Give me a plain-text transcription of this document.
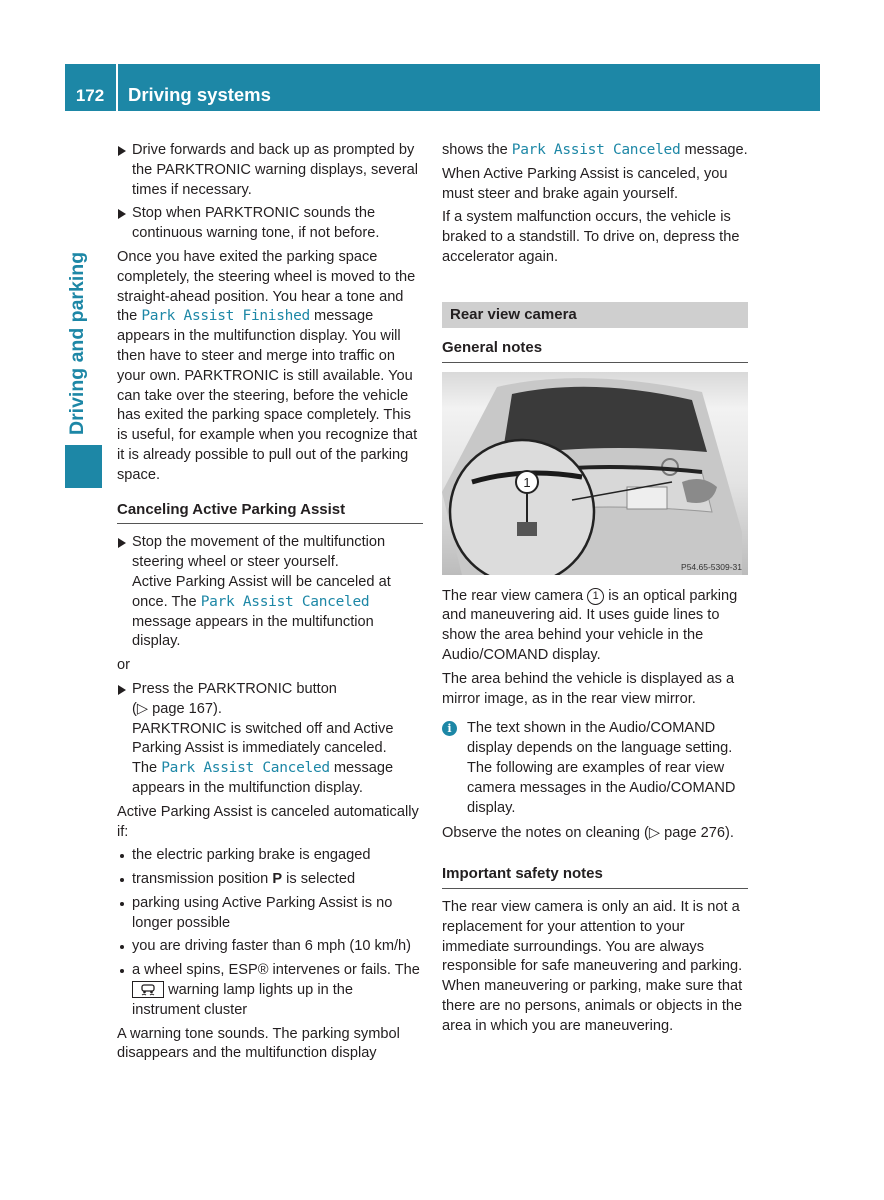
172	Driving systems
Driving and parking
Drive forwards and back up as prompted by the PARKTRONIC warning displays, several times if necessary.
Stop when PARKTRONIC sounds the continuous warning tone, if not before.

Once you have exited the parking space completely, the steering wheel is moved to the straight-ahead position. You hear a tone and the Park Assist Finished message appears in the multifunction display. You will then have to steer and merge into traffic on your own. PARKTRONIC is still available. You can take over the steering, before the vehicle has exited the parking space completely. This is useful, for example when you recognize that it is already possible to pull out of the parking space.

Canceling Active Parking Assist
Stop the movement of the multifunction steering wheel or steer yourself.
Active Parking Assist will be canceled at once. The Park Assist Canceled message appears in the multifunction display.

or

Press the PARKTRONIC button
(▷ page 167).
PARKTRONIC is switched off and Active Parking Assist is immediately canceled.
The Park Assist Canceled message appears in the multifunction display.

Active Parking Assist is canceled automatically if:

the electric parking brake is engaged
transmission position P is selected
parking using Active Parking Assist is no longer possible
you are driving faster than 6 mph (10 km/h)
a wheel spins, ESP® intervenes or fails. The
warning lamp lights up in the instrument cluster

A warning tone sounds. The parking symbol disappears and the multifunction display

shows the Park Assist Canceled message.

When Active Parking Assist is canceled, you must steer and brake again yourself.

If a system malfunction occurs, the vehicle is braked to a standstill. To drive on, depress the accelerator again.

Rear view camera
General notes
1
P54.65-5309-31

The rear view camera 1 is an optical parking and maneuvering aid. It uses guide lines to show the area behind your vehicle in the Audio/COMAND display.

The area behind the vehicle is displayed as a mirror image, as in the rear view mirror.

i	The text shown in the Audio/COMAND display depends on the language setting. The following are examples of rear view camera messages in the Audio/COMAND display.

Observe the notes on cleaning (▷ page 276).

Important safety notes

The rear view camera is only an aid. It is not a replacement for your attention to your immediate surroundings. You are always responsible for safe maneuvering and parking. When maneuvering or parking, make sure that there are no persons, animals or objects in the area in which you are maneuvering.
